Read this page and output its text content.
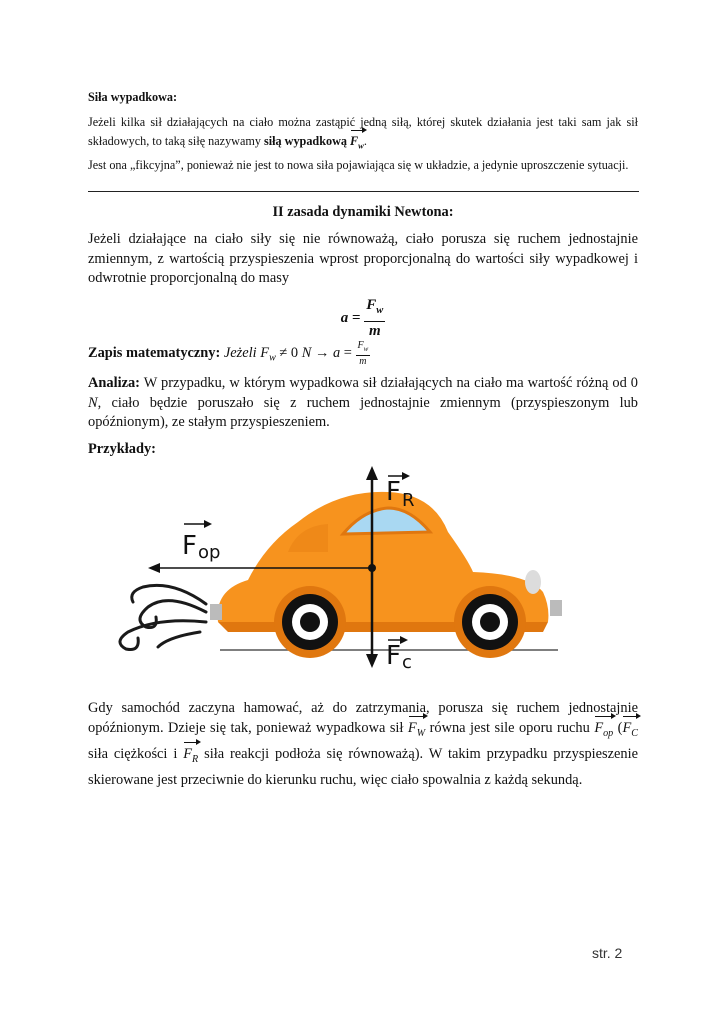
Siła wypadkowa:

Jeżeli kilka sił działających na ciało można zastąpić jedną siłą, której skutek działania jest taki sam jak sił składowych, to taką siłę nazywamy siłą wypadkową $F_w$.

Jest ona „fikcyjna”, ponieważ nie jest to nowa siła pojawiająca się w układzie, a jedynie uproszczenie sytuacji.

II zasada dynamiki Newtona:

Jeżeli działające na ciało siły się nie równoważą, ciało porusza się ruchem jednostajnie zmiennym, z wartością przyspieszenia wprost proporcjonalną do wartości siły wypadkowej i odwrotnie proporcjonalną do masy

$a = \frac{F_w}{m}$

Zapis matematyczny: Jeżeli $F_w \ne 0$ $N \to a = \frac{F_w}{m}$

Analiza: W przypadku, w którym wypadkowa sił działających na ciało ma wartość różną od 0 N, ciało będzie poruszało się z ruchem jednostajnie zmiennym (przyspieszonym lub opóźnionym), ze stałym przyspieszeniem.

Przykłady:

F R
F op
F c

Gdy samochód zaczyna hamować, aż do zatrzymania, porusza się ruchem jednostajnie opóźnionym. Dzieje się tak, ponieważ wypadkowa sił $F_W$ równa jest sile oporu ruchu $F_{op}$ ($F_C$ siła ciężkości i $F_R$ siła reakcji podłoża się równoważą). W takim przypadku przyspieszenie skierowane jest przeciwnie do kierunku ruchu, więc ciało spowalnia z każdą sekundą.

str. 2
